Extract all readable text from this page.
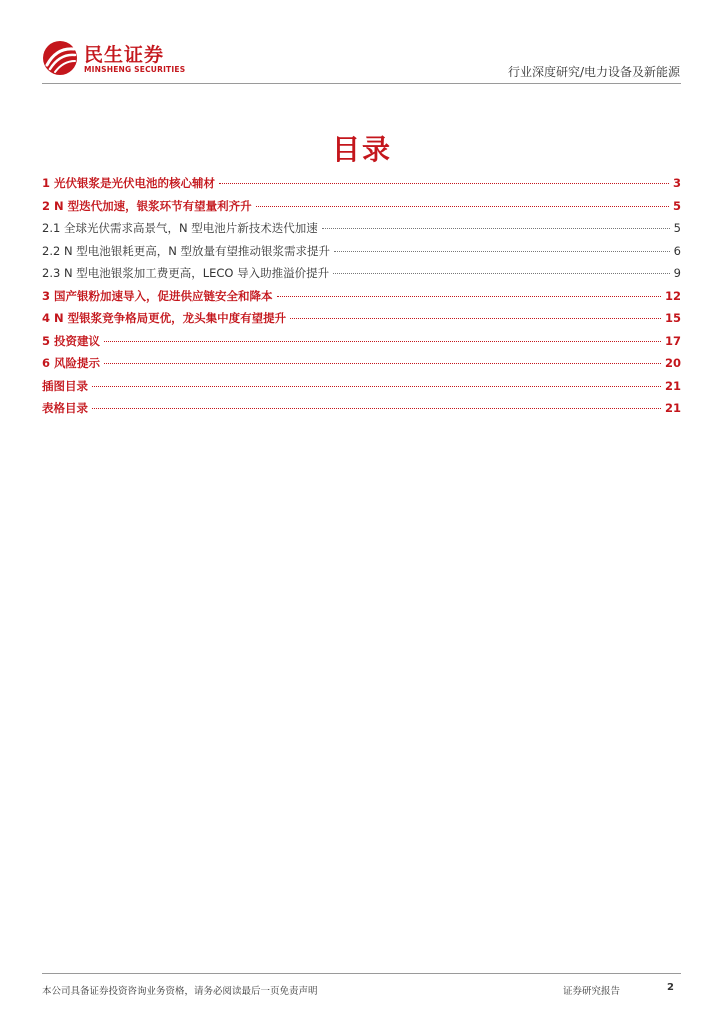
民生证券
MINSHENG SECURITIES	行业深度研究/电力设备及新能源
目录
1 光伏银浆是光伏电池的核心辅材	3
2 N 型迭代加速，银浆环节有望量利齐升	5
2.1 全球光伏需求高景气，N 型电池片新技术迭代加速	5
2.2 N 型电池银耗更高，N 型放量有望推动银浆需求提升	6
2.3 N 型电池银浆加工费更高，LECO 导入助推溢价提升	9
3 国产银粉加速导入，促进供应链安全和降本	12
4 N 型银浆竞争格局更优，龙头集中度有望提升	15
5 投资建议	17
6 风险提示	20
插图目录	21
表格目录	21
本公司具备证券投资咨询业务资格，请务必阅读最后一页免责声明	证券研究报告	2
